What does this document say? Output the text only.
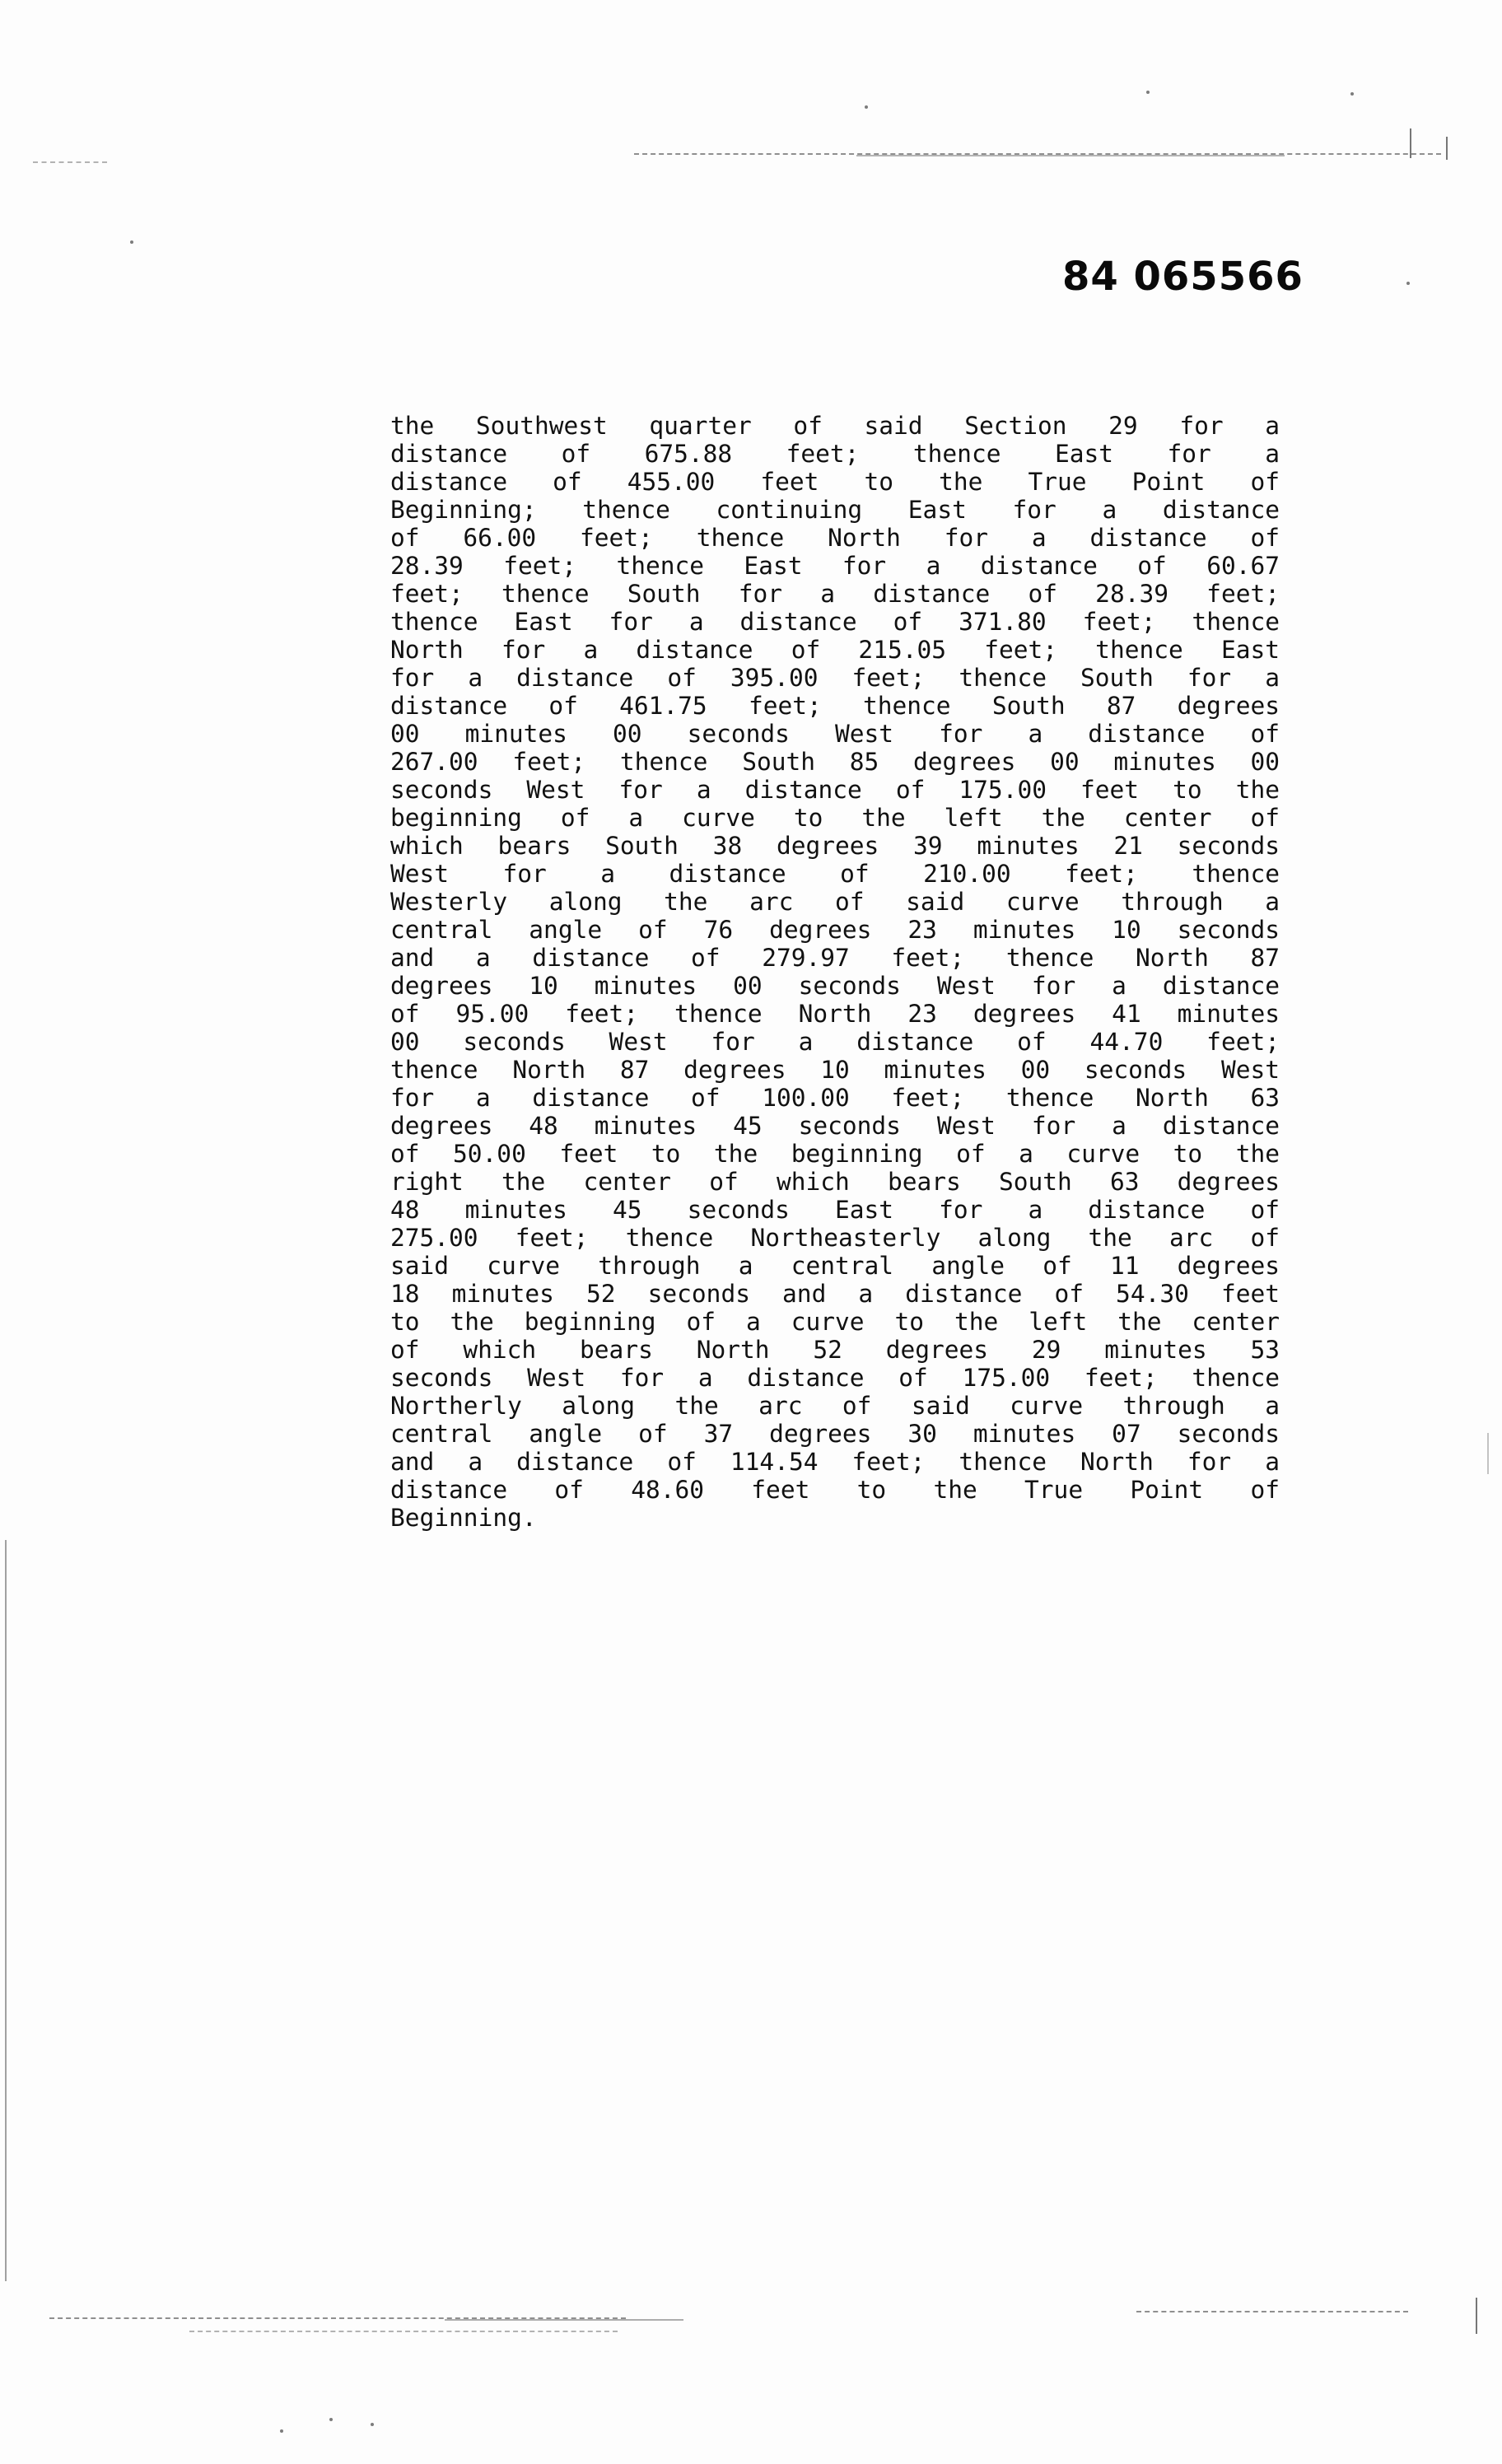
84 065566
the Southwest quarter of said Section 29 for a
distance of 675.88 feet; thence East for a
distance of 455.00 feet to the True Point of
Beginning; thence continuing East for a distance
of 66.00 feet; thence North for a distance of
28.39 feet; thence East for a distance of 60.67
feet; thence South for a distance of 28.39 feet;
thence East for a distance of 371.80 feet; thence
North for a distance of 215.05 feet; thence East
for a distance of 395.00 feet; thence South for a
distance of 461.75 feet; thence South 87 degrees
00 minutes 00 seconds West for a distance of
267.00 feet; thence South 85 degrees 00 minutes 00
seconds West for a distance of 175.00 feet to the
beginning of a curve to the left the center of
which bears South 38 degrees 39 minutes 21 seconds
West for a distance of 210.00 feet; thence
Westerly along the arc of said curve through a
central angle of 76 degrees 23 minutes 10 seconds
and a distance of 279.97 feet; thence North 87
degrees 10 minutes 00 seconds West for a distance
of 95.00 feet; thence North 23 degrees 41 minutes
00 seconds West for a distance of 44.70 feet;
thence North 87 degrees 10 minutes 00 seconds West
for a distance of 100.00 feet; thence North 63
degrees 48 minutes 45 seconds West for a distance
of 50.00 feet to the beginning of a curve to the
right the center of which bears South 63 degrees
48 minutes 45 seconds East for a distance of
275.00 feet; thence Northeasterly along the arc of
said curve through a central angle of 11 degrees
18 minutes 52 seconds and a distance of 54.30 feet
to the beginning of a curve to the left the center
of which bears North 52 degrees 29 minutes 53
seconds West for a distance of 175.00 feet; thence
Northerly along the arc of said curve through a
central angle of 37 degrees 30 minutes 07 seconds
and a distance of 114.54 feet; thence North for a
distance of 48.60 feet to the True Point of
Beginning.
